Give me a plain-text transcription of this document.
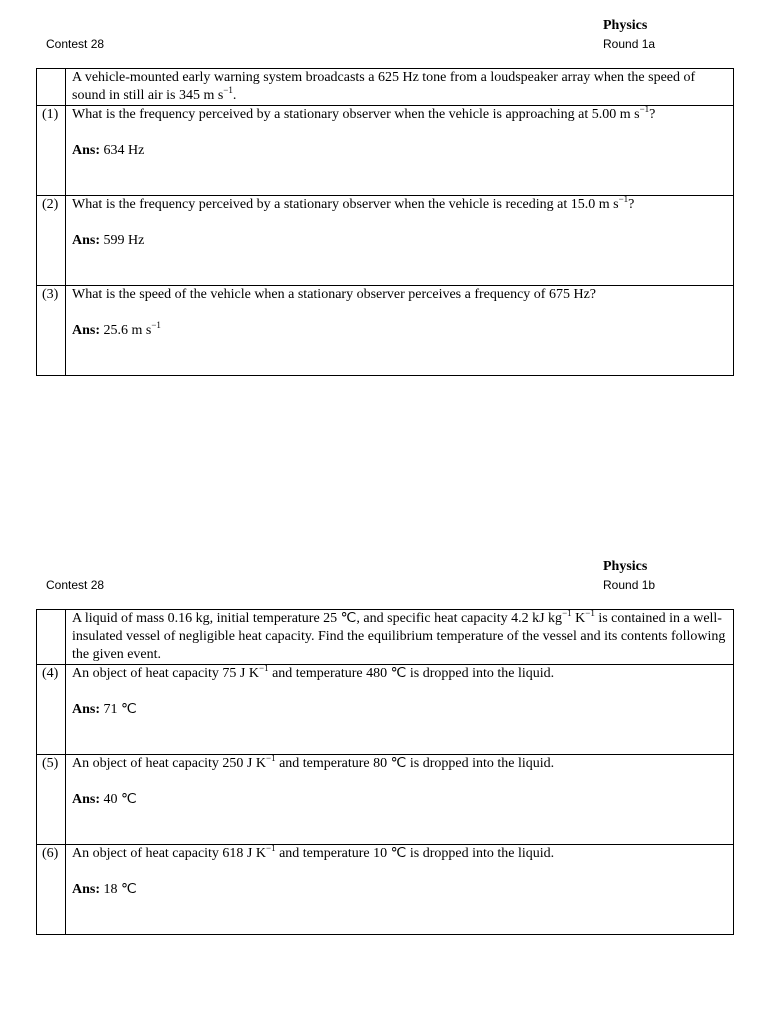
Physics
Contest 28	Round 1a
	A vehicle-mounted early warning system broadcasts a 625 Hz tone from a loudspeaker array when the speed of sound in still air is 345 m $s^{-1}$.
(1)	What is the frequency perceived by a stationary observer when the vehicle is approaching at 5.00 m $s^{-1}$?
Ans: 634 Hz

(2)	What is the frequency perceived by a stationary observer when the vehicle is receding at 15.0 m $s^{-1}$?
Ans: 599 Hz

(3)	What is the speed of the vehicle when a stationary observer perceives a frequency of 675 Hz?
Ans: 25.6 m $s^{-1}$
Physics
Contest 28	Round 1b
	A liquid of mass 0.16 kg, initial temperature 25 ℃, and specific heat capacity 4.2 kJ $kg^{-1}$ $K^{-1}$ is contained in a well-insulated vessel of negligible heat capacity. Find the equilibrium temperature of the vessel and its contents following the given event.
(4)	An object of heat capacity 75 J $K^{-1}$ and temperature 480 ℃ is dropped into the liquid.
Ans: 71 ℃

(5)	An object of heat capacity 250 J $K^{-1}$ and temperature 80 ℃ is dropped into the liquid.
Ans: 40 ℃

(6)	An object of heat capacity 618 J $K^{-1}$ and temperature 10 ℃ is dropped into the liquid.
Ans: 18 ℃
